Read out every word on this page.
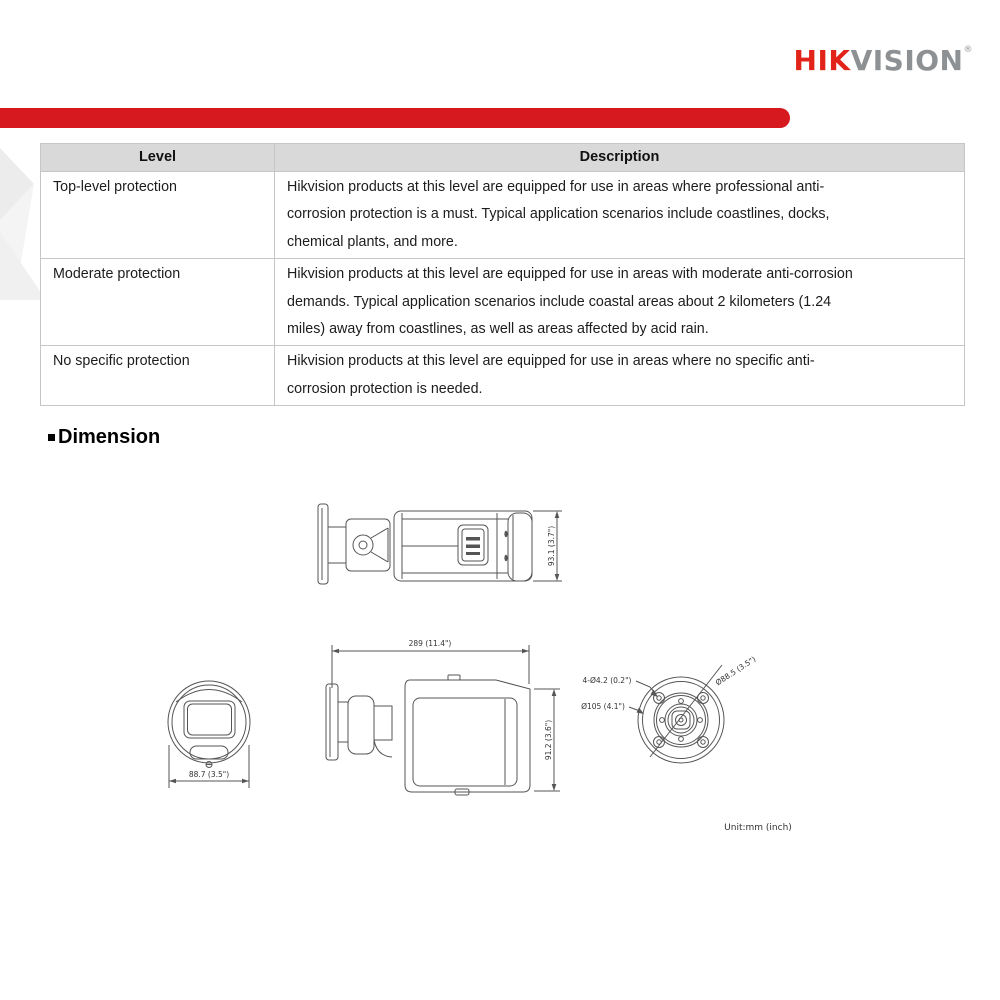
HIKVISION®
Level	Description
Top-level protection	Hikvision products at this level are equipped for use in areas where professional anti-
corrosion protection is a must. Typical application scenarios include coastlines, docks,
chemical plants, and more.

Moderate protection	Hikvision products at this level are equipped for use in areas with moderate anti-corrosion
demands. Typical application scenarios include coastal areas about 2 kilometers (1.24
miles) away from coastlines, as well as areas affected by acid rain.

No specific protection	Hikvision products at this level are equipped for use in areas where no specific anti-
corrosion protection is needed.
Dimension
93.1 (3.7")
289 (11.4")
91.2 (3.6")
88.7 (3.5")
4-Ø4.2 (0.2")
Ø105 (4.1")
Ø88.5 (3.5")
Unit:mm (inch)
